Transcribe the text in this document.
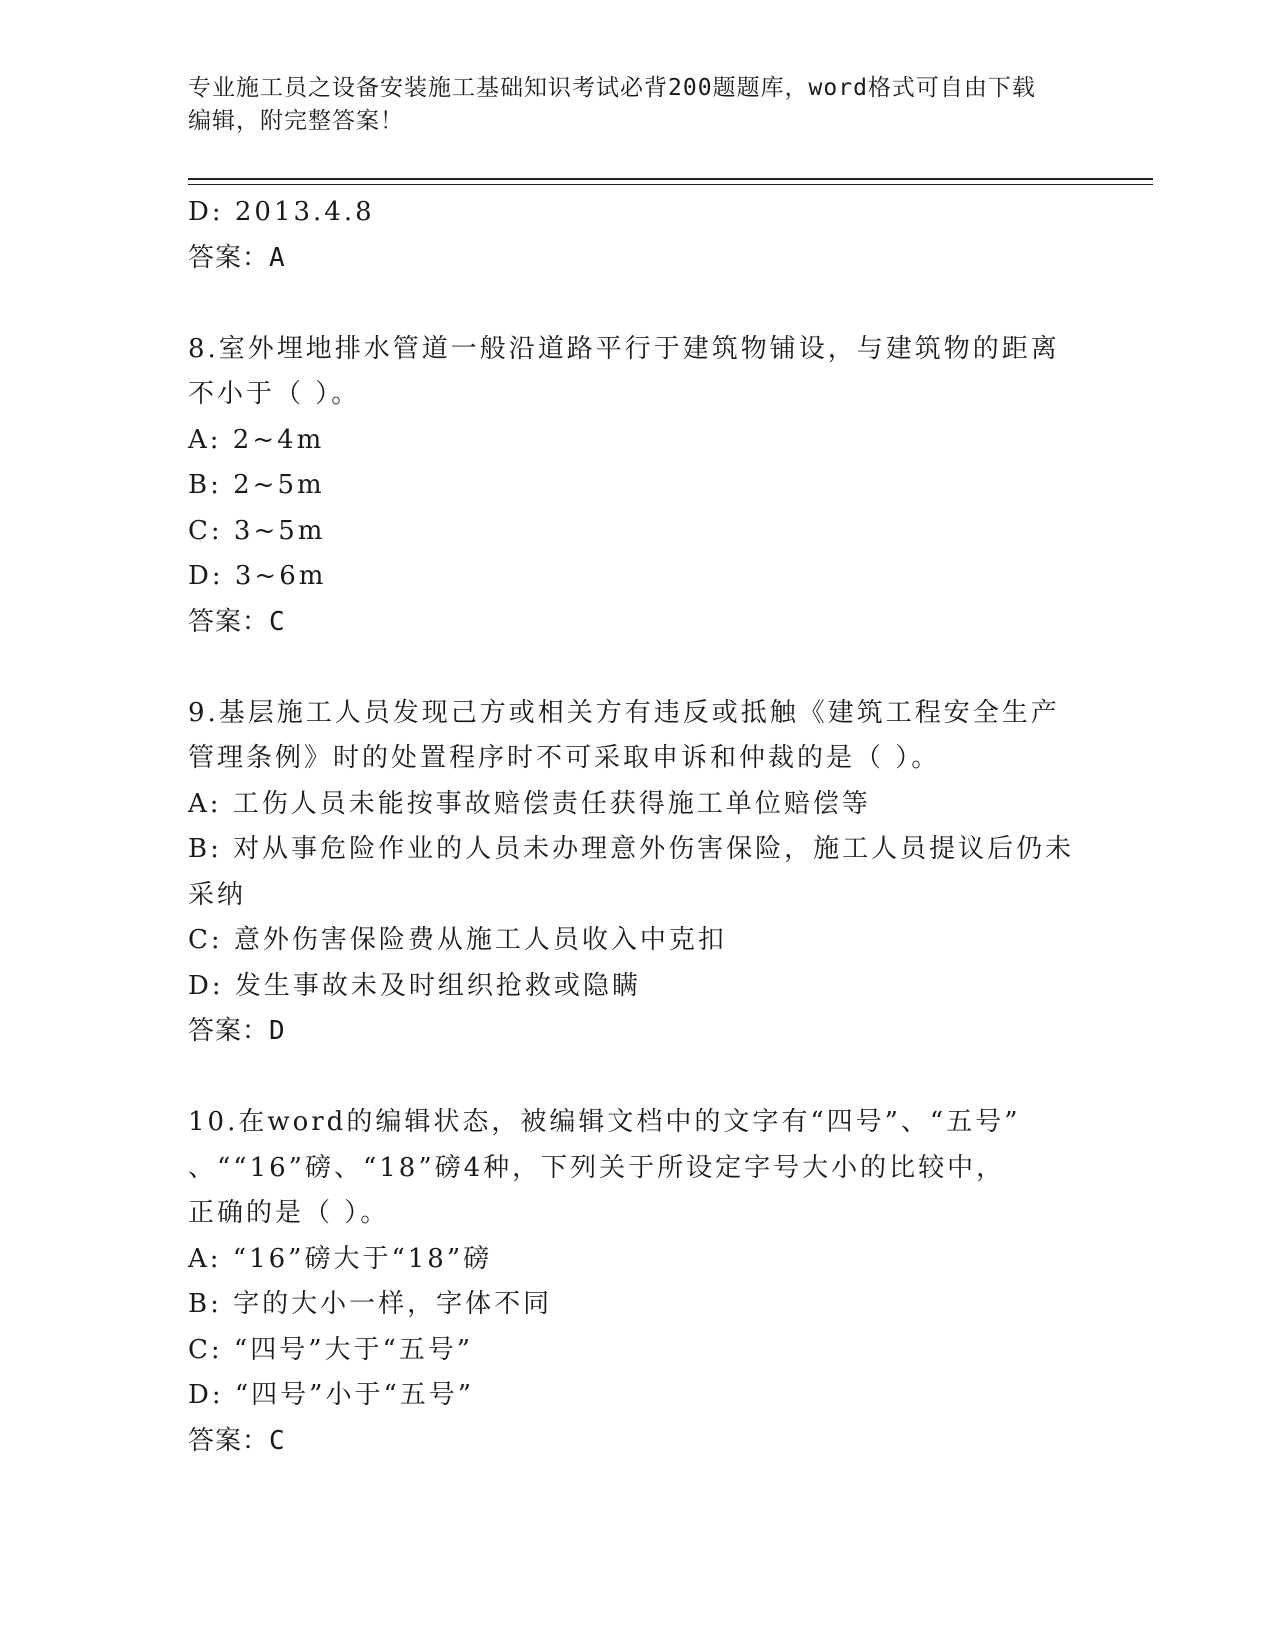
专业施工员之设备安装施工基础知识考试必背200题题库，word格式可自由下载
编辑，附完整答案！
D: 2013.4.8
答案：A
8.室外埋地排水管道一般沿道路平行于建筑物铺设，与建筑物的距离
不小于（ ）。
A: 2~4m
B: 2~5m
C: 3~5m
D: 3~6m
答案：C
9.基层施工人员发现己方或相关方有违反或抵触《建筑工程安全生产
管理条例》时的处置程序时不可采取申诉和仲裁的是（ ）。
A: 工伤人员未能按事故赔偿责任获得施工单位赔偿等
B: 对从事危险作业的人员未办理意外伤害保险，施工人员提议后仍未
采纳
C: 意外伤害保险费从施工人员收入中克扣
D: 发生事故未及时组织抢救或隐瞒
答案：D
10.在word的编辑状态，被编辑文档中的文字有“四号”、“五号”
、““16”磅、“18”磅4种，下列关于所设定字号大小的比较中，
正确的是（ ）。
A: “16”磅大于“18”磅
B: 字的大小一样，字体不同
C: “四号”大于“五号”
D: “四号”小于“五号”
答案：C
